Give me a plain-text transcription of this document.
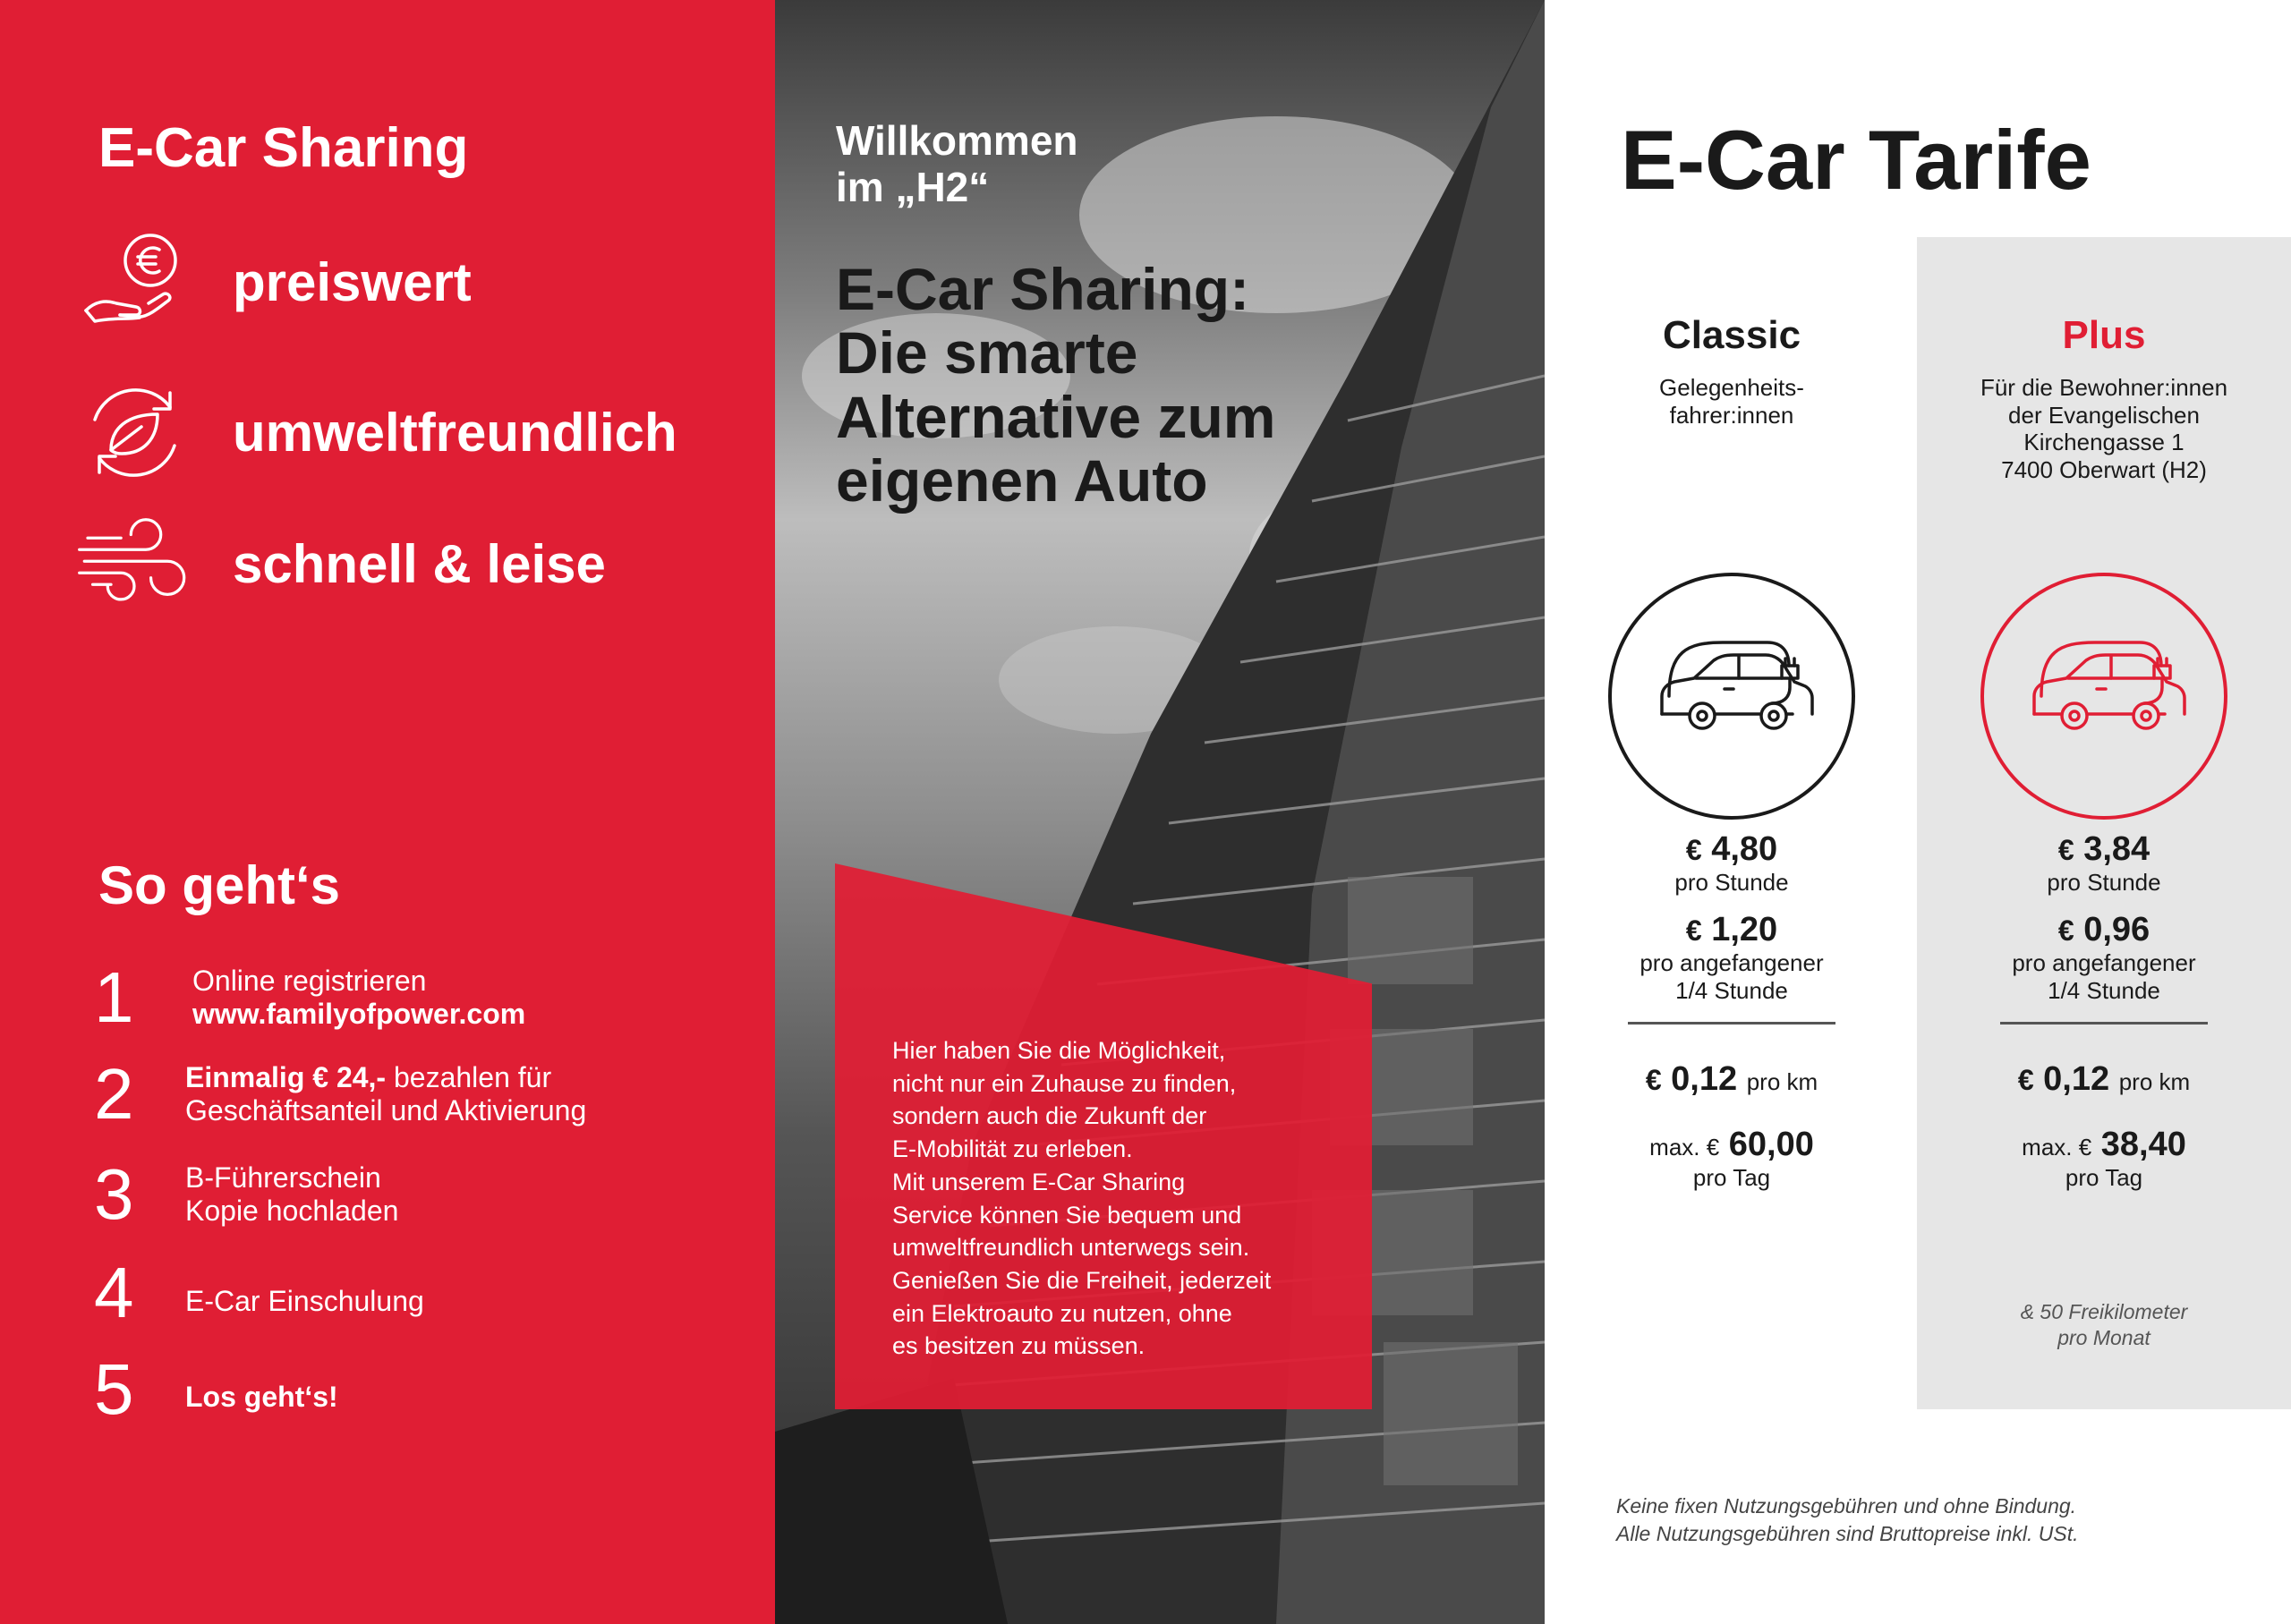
E-Car Sharing
preiswert
umweltfreundlich
schnell & leise
So geht‘s
1	Online registrieren
www.familyofpower.com
2	Einmalig € 24,- bezahlen für
Geschäftsanteil und Aktivierung
3	B-Führerschein
Kopie hochladen
4	E-Car Einschulung
5	Los geht‘s!
Willkommen
im „H2“
E-Car Sharing:
Die smarte
Alternative zum
eigenen Auto
Hier haben Sie die Möglichkeit,
nicht nur ein Zuhause zu finden,
sondern auch die Zukunft der
E-Mobilität zu erleben.
Mit unserem E-Car Sharing
Service können Sie bequem und
umweltfreundlich unterwegs sein.
Genießen Sie die Freiheit, jederzeit
ein Elektroauto zu nutzen, ohne
es besitzen zu müssen.
E-Car Tarife
Classic
Gelegenheits-
fahrer:innen
Plus
Für die Bewohner:innen
der Evangelischen
Kirchengasse 1
7400 Oberwart (H2)
€ 4,80
pro Stunde
€ 1,20
pro angefangener
1/4 Stunde
€ 0,12 pro km
max. € 60,00
pro Tag
€ 3,84
pro Stunde
€ 0,96
pro angefangener
1/4 Stunde
€ 0,12 pro km
max. € 38,40
pro Tag
& 50 Freikilometer
pro Monat
Keine fixen Nutzungsgebühren und ohne Bindung.
Alle Nutzungsgebühren sind Bruttopreise inkl. USt.
